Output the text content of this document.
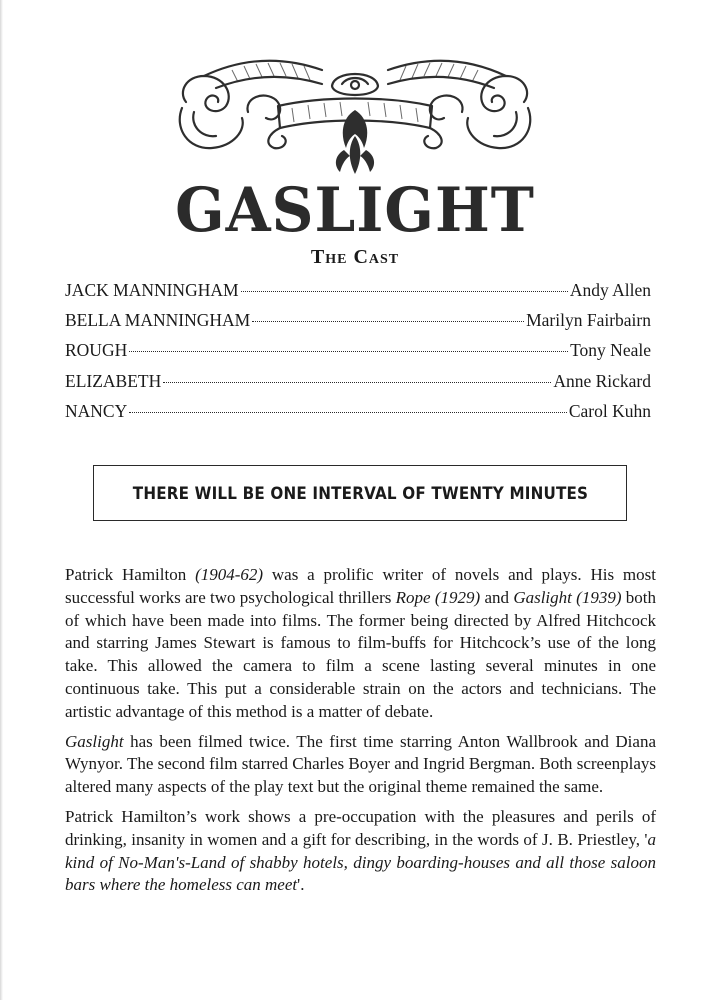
GASLIGHT
The Cast
JACK MANNINGHAM	Andy Allen
BELLA MANNINGHAM	Marilyn Fairbairn
ROUGH	Tony Neale
ELIZABETH	Anne Rickard
NANCY	Carol Kuhn
THERE WILL BE ONE INTERVAL OF TWENTY MINUTES

Patrick Hamilton (1904-62) was a prolific writer of novels and plays. His most successful works are two psychological thrillers Rope (1929) and Gaslight (1939) both of which have been made into films. The former being directed by Alfred Hitchcock and starring James Stewart is famous to film-buffs for Hitchcock’s use of the long take. This allowed the camera to film a scene lasting several minutes in one continuous take. This put a considerable strain on the actors and technicians. The artistic advantage of this method is a matter of debate.

Gaslight has been filmed twice. The first time starring Anton Wallbrook and Diana Wynyor. The second film starred Charles Boyer and Ingrid Bergman. Both screenplays altered many aspects of the play text but the original theme remained the same.

Patrick Hamilton’s work shows a pre-occupation with the pleasures and perils of drinking, insanity in women and a gift for describing, in the words of J. B. Priestley, 'a kind of No-Man's-Land of shabby hotels, dingy boarding-houses and all those saloon bars where the homeless can meet'.
